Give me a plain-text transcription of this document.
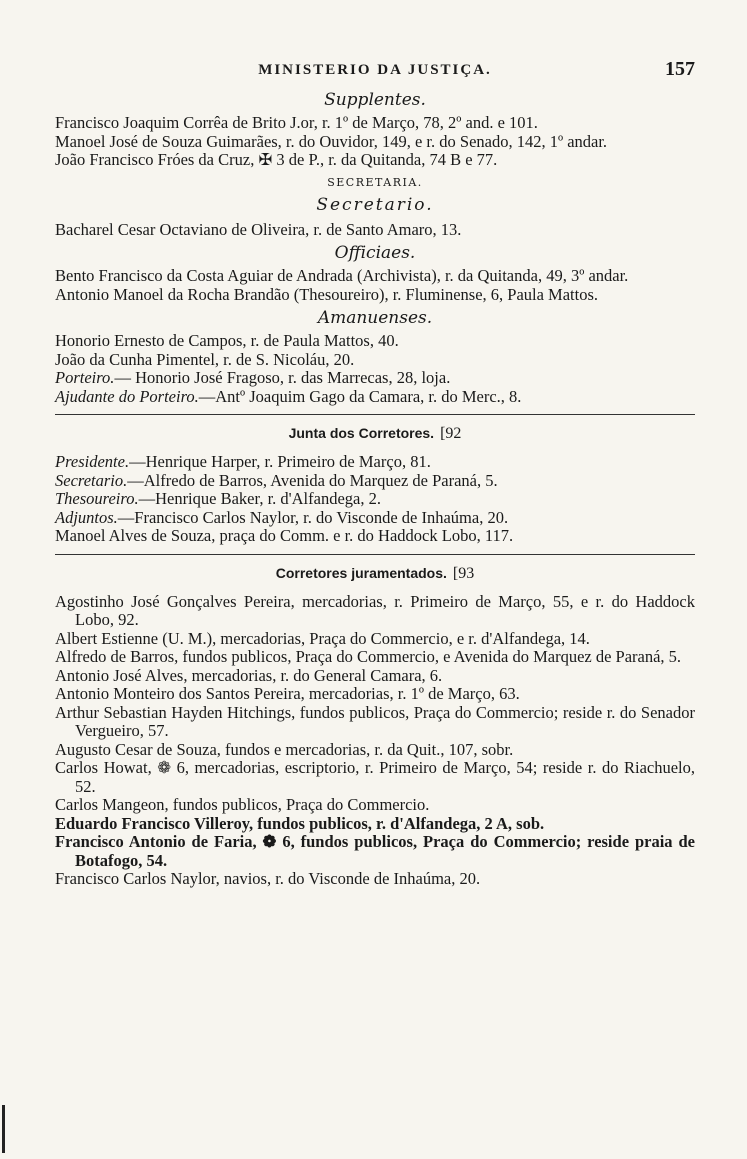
MINISTERIO DA JUSTIÇA.	157
Supplentes.
Francisco Joaquim Corrêa de Brito J.or, r. 1º de Março, 78, 2º and. e 101.
Manoel José de Souza Guimarães, r. do Ouvidor, 149, e r. do Senado, 142, 1º andar.
João Francisco Fróes da Cruz, ✠ 3 de P., r. da Quitanda, 74 B e 77.
SECRETARIA.
Secretario.
Bacharel Cesar Octaviano de Oliveira, r. de Santo Amaro, 13.
Officiaes.
Bento Francisco da Costa Aguiar de Andrada (Archivista), r. da Quitanda, 49, 3º andar.
Antonio Manoel da Rocha Brandão (Thesoureiro), r. Fluminense, 6, Paula Mattos.
Amanuenses.
Honorio Ernesto de Campos, r. de Paula Mattos, 40.
João da Cunha Pimentel, r. de S. Nicoláu, 20.
Porteiro.— Honorio José Fragoso, r. das Marrecas, 28, loja.
Ajudante do Porteiro.—Antº Joaquim Gago da Camara, r. do Merc., 8.
Junta dos Corretores. [92
Presidente.—Henrique Harper, r. Primeiro de Março, 81.
Secretario.—Alfredo de Barros, Avenida do Marquez de Paraná, 5.
Thesoureiro.—Henrique Baker, r. d'Alfandega, 2.
Adjuntos.—Francisco Carlos Naylor, r. do Visconde de Inhaúma, 20.
Manoel Alves de Souza, praça do Comm. e r. do Haddock Lobo, 117.
Corretores juramentados. [93
Agostinho José Gonçalves Pereira, mercadorias, r. Primeiro de Março, 55, e r. do Haddock Lobo, 92.
Albert Estienne (U. M.), mercadorias, Praça do Commercio, e r. d'Alfandega, 14.
Alfredo de Barros, fundos publicos, Praça do Commercio, e Avenida do Marquez de Paraná, 5.
Antonio José Alves, mercadorias, r. do General Camara, 6.
Antonio Monteiro dos Santos Pereira, mercadorias, r. 1º de Março, 63.
Arthur Sebastian Hayden Hitchings, fundos publicos, Praça do Commercio; reside r. do Senador Vergueiro, 57.
Augusto Cesar de Souza, fundos e mercadorias, r. da Quit., 107, sobr.
Carlos Howat, ❁ 6, mercadorias, escriptorio, r. Primeiro de Março, 54; reside r. do Riachuelo, 52.
Carlos Mangeon, fundos publicos, Praça do Commercio.
Eduardo Francisco Villeroy, fundos publicos, r. d'Alfandega, 2 A, sob.
Francisco Antonio de Faria, ❁ 6, fundos publicos, Praça do Commercio; reside praia de Botafogo, 54.
Francisco Carlos Naylor, navios, r. do Visconde de Inhaúma, 20.
